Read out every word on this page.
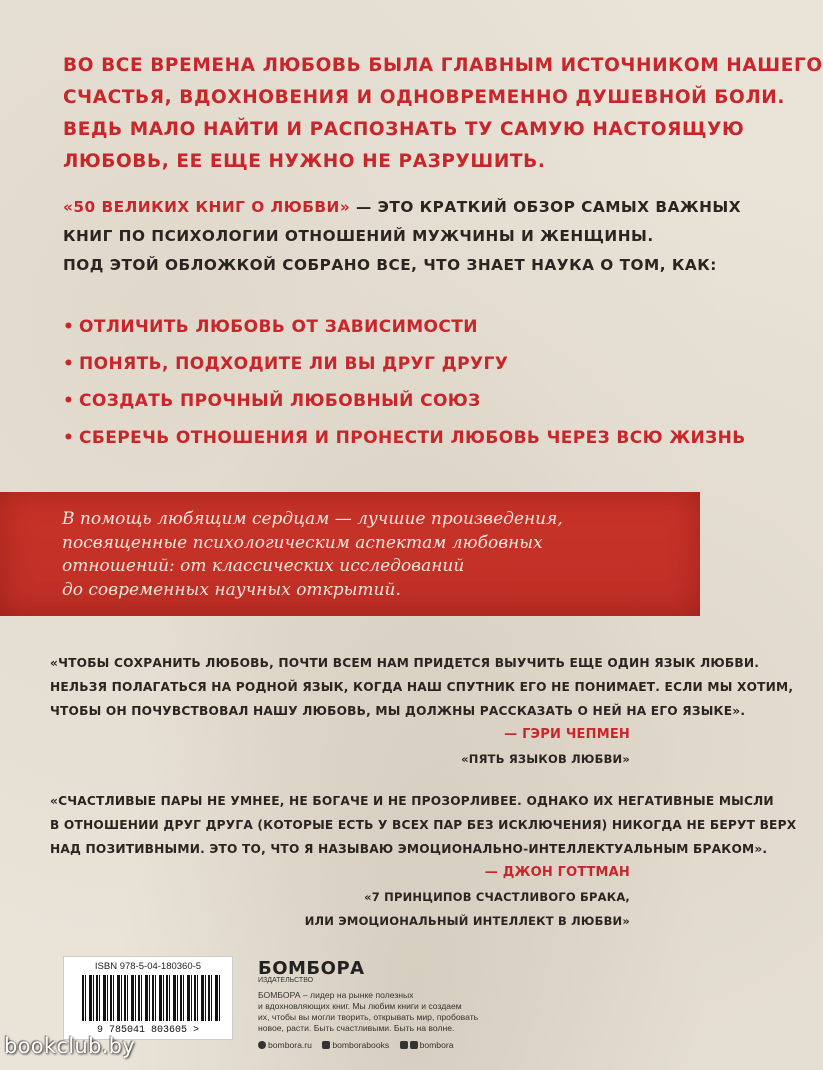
ВО ВСЕ ВРЕМЕНА ЛЮБОВЬ БЫЛА ГЛАВНЫМ ИСТОЧНИКОМ НАШЕГО
СЧАСТЬЯ, ВДОХНОВЕНИЯ И ОДНОВРЕМЕННО ДУШЕВНОЙ БОЛИ.
ВЕДЬ МАЛО НАЙТИ И РАСПОЗНАТЬ ТУ САМУЮ НАСТОЯЩУЮ
ЛЮБОВЬ, ЕЕ ЕЩЕ НУЖНО НЕ РАЗРУШИТЬ.
«50 ВЕЛИКИХ КНИГ О ЛЮБВИ» — ЭТО КРАТКИЙ ОБЗОР САМЫХ ВАЖНЫХ
КНИГ ПО ПСИХОЛОГИИ ОТНОШЕНИЙ МУЖЧИНЫ И ЖЕНЩИНЫ.
ПОД ЭТОЙ ОБЛОЖКОЙ СОБРАНО ВСЕ, ЧТО ЗНАЕТ НАУКА О ТОМ, КАК:
• ОТЛИЧИТЬ ЛЮБОВЬ ОТ ЗАВИСИМОСТИ
• ПОНЯТЬ, ПОДХОДИТЕ ЛИ ВЫ ДРУГ ДРУГУ
• СОЗДАТЬ ПРОЧНЫЙ ЛЮБОВНЫЙ СОЮЗ
• СБЕРЕЧЬ ОТНОШЕНИЯ И ПРОНЕСТИ ЛЮБОВЬ ЧЕРЕЗ ВСЮ ЖИЗНЬ
В помощь любящим сердцам — лучшие произведения,
посвященные психологическим аспектам любовных
отношений: от классических исследований
до современных научных открытий.
«ЧТОБЫ СОХРАНИТЬ ЛЮБОВЬ, ПОЧТИ ВСЕМ НАМ ПРИДЕТСЯ ВЫУЧИТЬ ЕЩЕ ОДИН ЯЗЫК ЛЮБВИ.
НЕЛЬЗЯ ПОЛАГАТЬСЯ НА РОДНОЙ ЯЗЫК, КОГДА НАШ СПУТНИК ЕГО НЕ ПОНИМАЕТ. ЕСЛИ МЫ ХОТИМ,
ЧТОБЫ ОН ПОЧУВСТВОВАЛ НАШУ ЛЮБОВЬ, МЫ ДОЛЖНЫ РАССКАЗАТЬ О НЕЙ НА ЕГО ЯЗЫКЕ».
— ГЭРИ ЧЕПМЕН
«ПЯТЬ ЯЗЫКОВ ЛЮБВИ»
«СЧАСТЛИВЫЕ ПАРЫ НЕ УМНЕЕ, НЕ БОГАЧЕ И НЕ ПРОЗОРЛИВЕЕ. ОДНАКО ИХ НЕГАТИВНЫЕ МЫСЛИ
В ОТНОШЕНИИ ДРУГ ДРУГА (КОТОРЫЕ ЕСТЬ У ВСЕХ ПАР БЕЗ ИСКЛЮЧЕНИЯ) НИКОГДА НЕ БЕРУТ ВЕРХ
НАД ПОЗИТИВНЫМИ. ЭТО ТО, ЧТО Я НАЗЫВАЮ ЭМОЦИОНАЛЬНО-ИНТЕЛЛЕКТУАЛЬНЫМ БРАКОМ».
— ДЖОН ГОТТМАН
«7 ПРИНЦИПОВ СЧАСТЛИВОГО БРАКА,
ИЛИ ЭМОЦИОНАЛЬНЫЙ ИНТЕЛЛЕКТ В ЛЮБВИ»
ISBN 978-5-04-180360-5
9 785041 803605 >
БОМБОРА
ИЗДАТЕЛЬСТВО
БОМБОРА – лидер на рынке полезных
и вдохновляющих книг. Мы любим книги и создаем
их, чтобы вы могли творить, открывать мир, пробовать
новое, расти. Быть счастливыми. Быть на волне.
bombora.ru bomborabooks	bombora
bookclub.by
